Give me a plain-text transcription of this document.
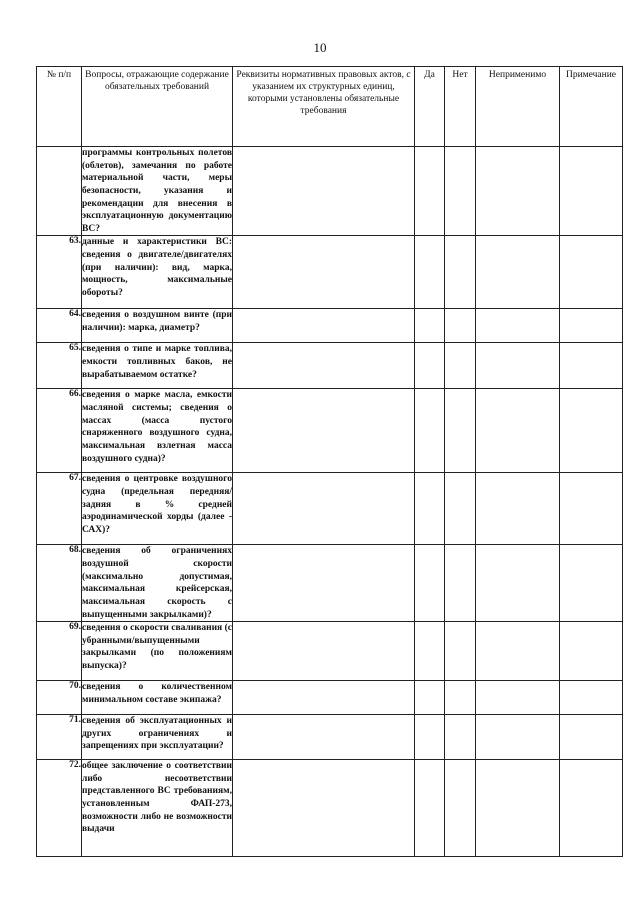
10
№ п/п	Вопросы, отражающие содержание обязательных требований	Реквизиты нормативных правовых актов, с указанием их структурных единиц, которыми установлены обязательные требования	Да	Нет	Неприменимо	Примечание
	программы контрольных полетов (облетов), замечания по работе материальной части, меры безопасности, указания и рекомендации для внесения в эксплуатационную документацию ВС?					
63.	данные и характеристики ВС: сведения о двигателе/двигателях (при наличии): вид, марка, мощность, максимальные обороты?					
64.	сведения о воздушном винте (при наличии): марка, диаметр?					
65.	сведения о типе и марке топлива, емкости топливных баков, не вырабатываемом остатке?					
66.	сведения о марке масла, емкости масляной системы; сведения о массах (масса пустого снаряженного воздушного судна, максимальная взлетная масса воздушного судна)?					
67.	сведения о центровке воздушного судна (предельная передняя/задняя в % средней аэродинамической хорды (далее - САХ)?					
68.	сведения об ограничениях воздушной скорости (максимально допустимая, максимальная крейсерская, максимальная скорость с выпущенными закрылками)?					
69.	сведения о скорости сваливания (с убранными/выпущенными закрылками (по положениям выпуска)?					
70.	сведения о количественном минимальном составе экипажа?					
71.	сведения об эксплуатационных и других ограничениях и запрещениях при эксплуатации?					
72.	общее заключение о соответствии либо несоответствии представленного ВС требованиям, установленным ФАП-273, возможности либо не возможности выдачи					
